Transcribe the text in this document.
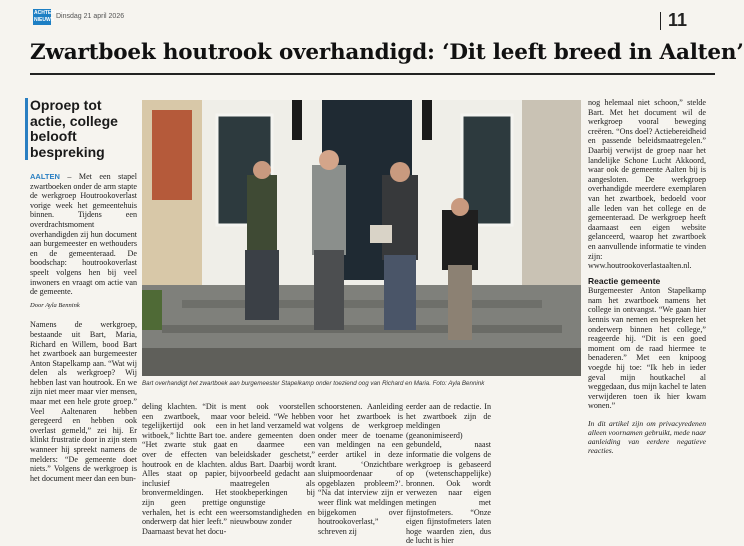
ACHTERHOEK NIEUWS Dinsdag 21 april 2026	11
Zwartboek houtrook overhandigd: ‘Dit leeft breed in Aalten’
Oproep tot actie, college belooft bespreking

AALTEN – Met een stapel zwartboeken onder de arm stapte de werkgroep Houtrookoverlast vorige week het gemeentehuis binnen. Tijdens een overdrachtsmoment overhandigden zij hun document aan burgemeester en wethouders en de gemeenteraad. De boodschap: houtrookoverlast speelt volgens hen bij veel inwoners en vraagt om actie van de gemeente.

Door Ayla Bennink

Namens de werkgroep, bestaande uit Bart, Maria, Richard en Willem, bood Bart het zwartboek aan burgemeester Anton Stapelkamp aan. “Wat wij delen als werkgroep? Wij hebben last van houtrook. En we zijn niet meer maar vier mensen, maar met een hele grote groep.” Veel Aaltenaren hebben geregeerd en hebben ook overlast gemeld,” zei hij. Er klinkt frustratie door in zijn stem wanneer hij spreekt namens de melders: “De gemeente doet niets.” Volgens de werkgroep is het document meer dan een bun-

Bart overhandigt het zwartboek aan burgemeester Stapelkamp onder toeziend oog van Richard en Maria. Foto: Ayla Bennink
deling klachten. “Dit is een zwartboek, maar tegelijkertijd ook een witboek,” lichtte Bart toe. “Het zwarte stuk gaat over de effecten van houtrook en de klachten. Alles staat op papier, inclusief bronvermeldingen. Het zijn geen prettige verhalen, het is echt een onderwerp dat hier leeft.” Daarnaast bevat het docu-
ment ook voorstellen voor beleid. “We hebben in het land verzameld wat andere gemeenten doen en daarmee een beleidskader geschetst,” aldus Bart. Daarbij wordt bijvoorbeeld gedacht aan maatregelen als stookbeperkingen bij ongunstige weersomstandigheden en nieuwbouw zonder
schoorstenen. Aanleiding voor het zwartboek is volgens de werkgroep onder meer de toename van meldingen na een eerder artikel in deze krant. ‘Onzichtbare sluipmoordenaar of opgeblazen probleem?’. “Na dat interview zijn er weer flink wat meldingen bijgekomen over houtrookoverlast,” schreven zij
eerder aan de redactie. In het zwartboek zijn de meldingen (geanonimiseerd) gebundeld, naast informatie die volgens de werkgroep is gebaseerd op (wetenschappelijke) bronnen. Ook wordt verwezen naar eigen metingen met fijnstofmeters. “Onze eigen fijnstofmeters laten hoge waarden zien, dus de lucht is hier

nog helemaal niet schoon,” stelde Bart. Met het document wil de werkgroep vooral beweging creëren. “Ons doel? Actiebereidheid en passende beleidsmaatregelen.” Daarbij verwijst de groep naar het landelijke Schone Lucht Akkoord, waar ook de gemeente Aalten bij is aangesloten. De werkgroep overhandigde meerdere exemplaren van het zwartboek, bedoeld voor alle leden van het college en de gemeenteraad. De werkgroep heeft daarnaast een eigen website gelanceerd, waarop het zwartboek en aanvullende informatie te vinden zijn: www.houtrookoverlastaalten.nl.

Reactie gemeente

Burgemeester Anton Stapelkamp nam het zwartboek namens het college in ontvangst. “We gaan hier kennis van nemen en bespreken het onderwerp binnen het college,” reageerde hij. “Dit is een goed moment om de raad hiermee te benaderen.” Met een knipoog voegde hij toe: “Ik heb in ieder geval mijn houtkachel al weggedaan, dus mijn kachel te laten verwijderen toen ik hier kwam wonen.”

In dit artikel zijn om privacyredenen alleen voornamen gebruikt, mede naar aanleiding van eerdere negatieve reacties.
